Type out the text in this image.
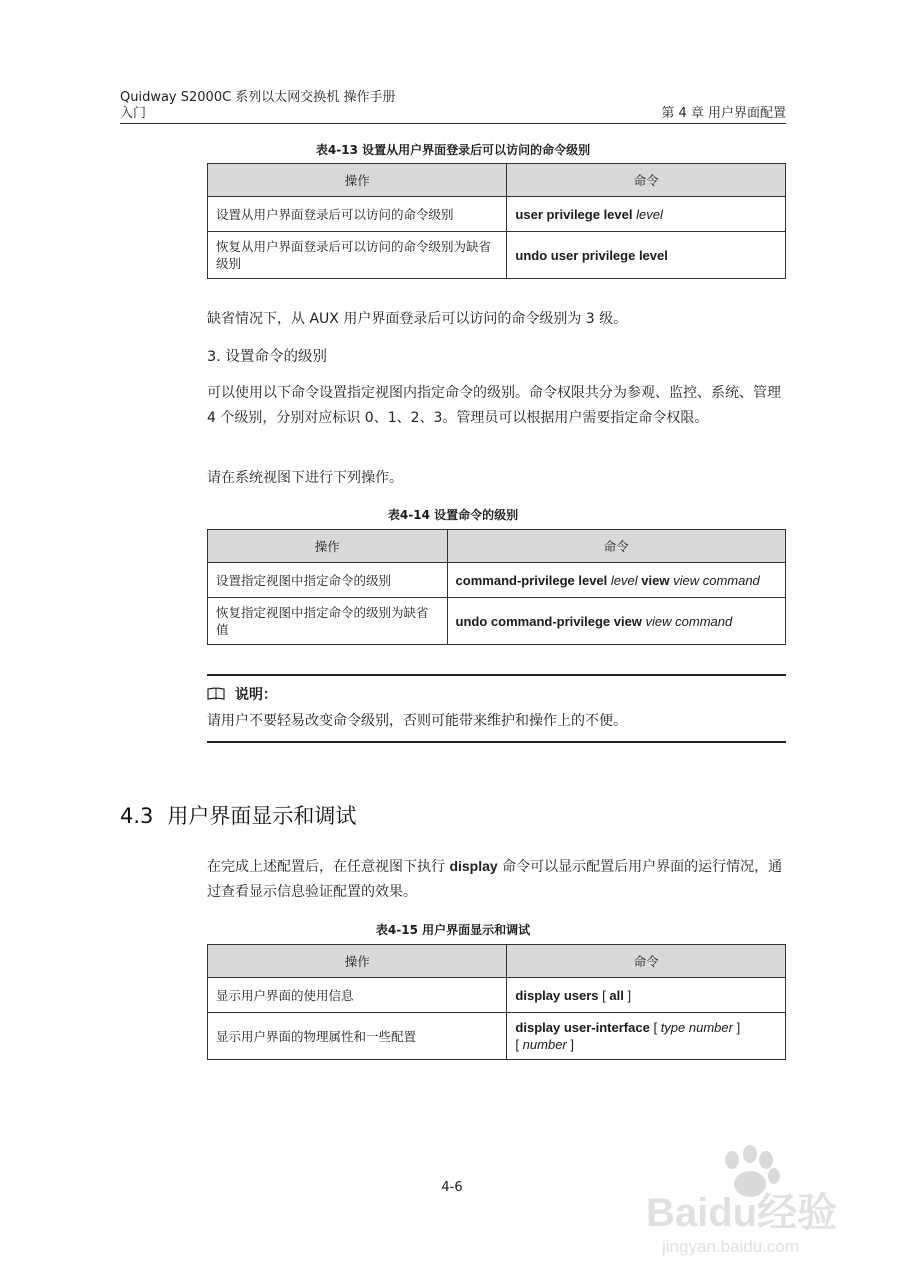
Quidway S2000C 系列以太网交换机 操作手册
入门	第 4 章 用户界面配置
表4-13 设置从用户界面登录后可以访问的命令级别
操作	命令
设置从用户界面登录后可以访问的命令级别	user privilege level level
恢复从用户界面登录后可以访问的命令级别为缺省级别	undo user privilege level
缺省情况下，从 AUX 用户界面登录后可以访问的命令级别为 3 级。
3. 设置命令的级别
可以使用以下命令设置指定视图内指定命令的级别。命令权限共分为参观、监控、系统、管理 4 个级别，分别对应标识 0、1、2、3。管理员可以根据用户需要指定命令权限。
请在系统视图下进行下列操作。
表4-14 设置命令的级别
操作	命令
设置指定视图中指定命令的级别	command-privilege level level view view command
恢复指定视图中指定命令的级别为缺省值	undo command-privilege view view command
说明：
请用户不要轻易改变命令级别，否则可能带来维护和操作上的不便。
4.3 用户界面显示和调试
在完成上述配置后，在任意视图下执行 display 命令可以显示配置后用户界面的运行情况，通过查看显示信息验证配置的效果。
表4-15 用户界面显示和调试
操作	命令
显示用户界面的使用信息	display users [ all ]
显示用户界面的物理属性和一些配置	display user-interface [ type number ]
[ number ]
4-6
Baidu经验
jingyan.baidu.com
